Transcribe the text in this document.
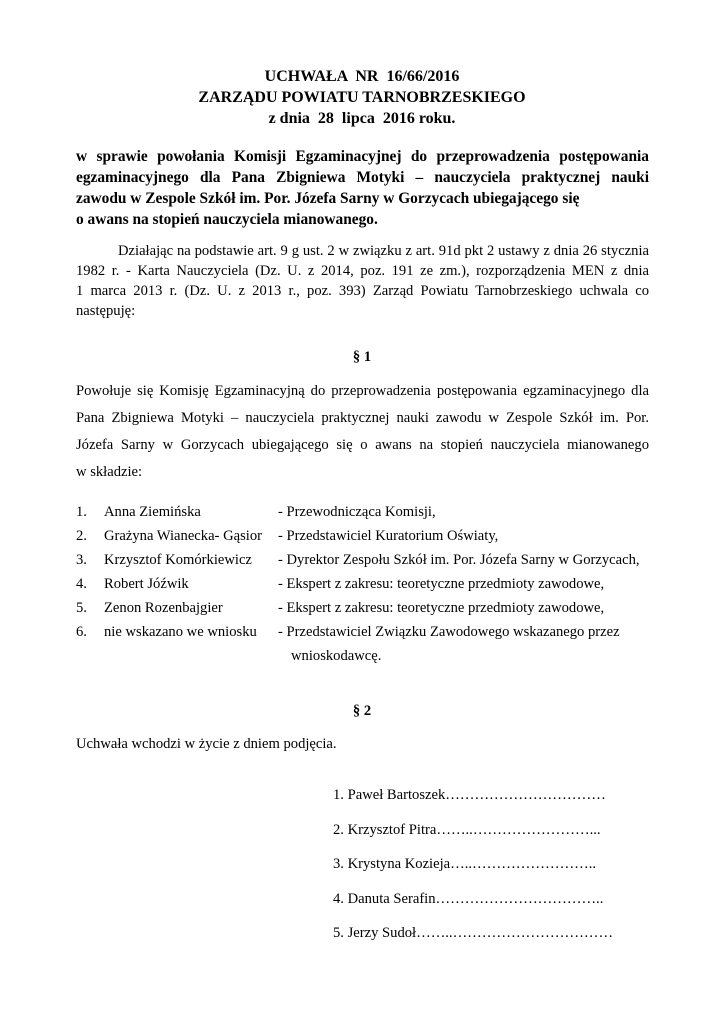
UCHWAŁA  NR  16/66/2016
ZARZĄDU POWIATU TARNOBRZESKIEGO
z dnia  28  lipca  2016 roku.
w sprawie powołania Komisji Egzaminacyjnej do przeprowadzenia postępowania
egzaminacyjnego dla Pana Zbigniewa Motyki – nauczyciela praktycznej nauki
zawodu w Zespole Szkół im. Por. Józefa Sarny w Gorzycach ubiegającego się
o awans na stopień nauczyciela mianowanego.
Działając na podstawie art. 9 g ust. 2 w związku z art. 91d pkt 2 ustawy z dnia 26 stycznia
1982 r. - Karta Nauczyciela (Dz. U. z 2014, poz. 191 ze zm.), rozporządzenia MEN z dnia
1 marca 2013 r. (Dz. U. z 2013 r., poz. 393) Zarząd Powiatu Tarnobrzeskiego uchwala co
następuję:
§ 1
Powołuje się Komisję Egzaminacyjną do przeprowadzenia postępowania egzaminacyjnego dla
Pana Zbigniewa Motyki – nauczyciela praktycznej nauki zawodu w Zespole Szkół im. Por.
Józefa Sarny w Gorzycach ubiegającego się o awans na stopień nauczyciela mianowanego
w składzie:
1. Anna Ziemińska	- Przewodnicząca Komisji,
2. Grażyna Wianecka- Gąsior - Przedstawiciel Kuratorium Oświaty,
3. Krzysztof Komórkiewicz - Dyrektor Zespołu Szkół im. Por. Józefa Sarny w Gorzycach,
4. Robert Jóźwik	- Ekspert z zakresu: teoretyczne przedmioty zawodowe,
5. Zenon Rozenbajgier	- Ekspert z zakresu: teoretyczne przedmioty zawodowe,
6. nie wskazano we wniosku - Przedstawiciel Związku Zawodowego wskazanego przez
wnioskodawcę.
§ 2
Uchwała wchodzi w życie z dniem podjęcia.
1. Paweł Bartoszek……………………………
2. Krzysztof Pitra……..……………………...
3. Krystyna Kozieja…..……………………..
4. Danuta Serafin……………………………..
5. Jerzy Sudoł……..……………………………
